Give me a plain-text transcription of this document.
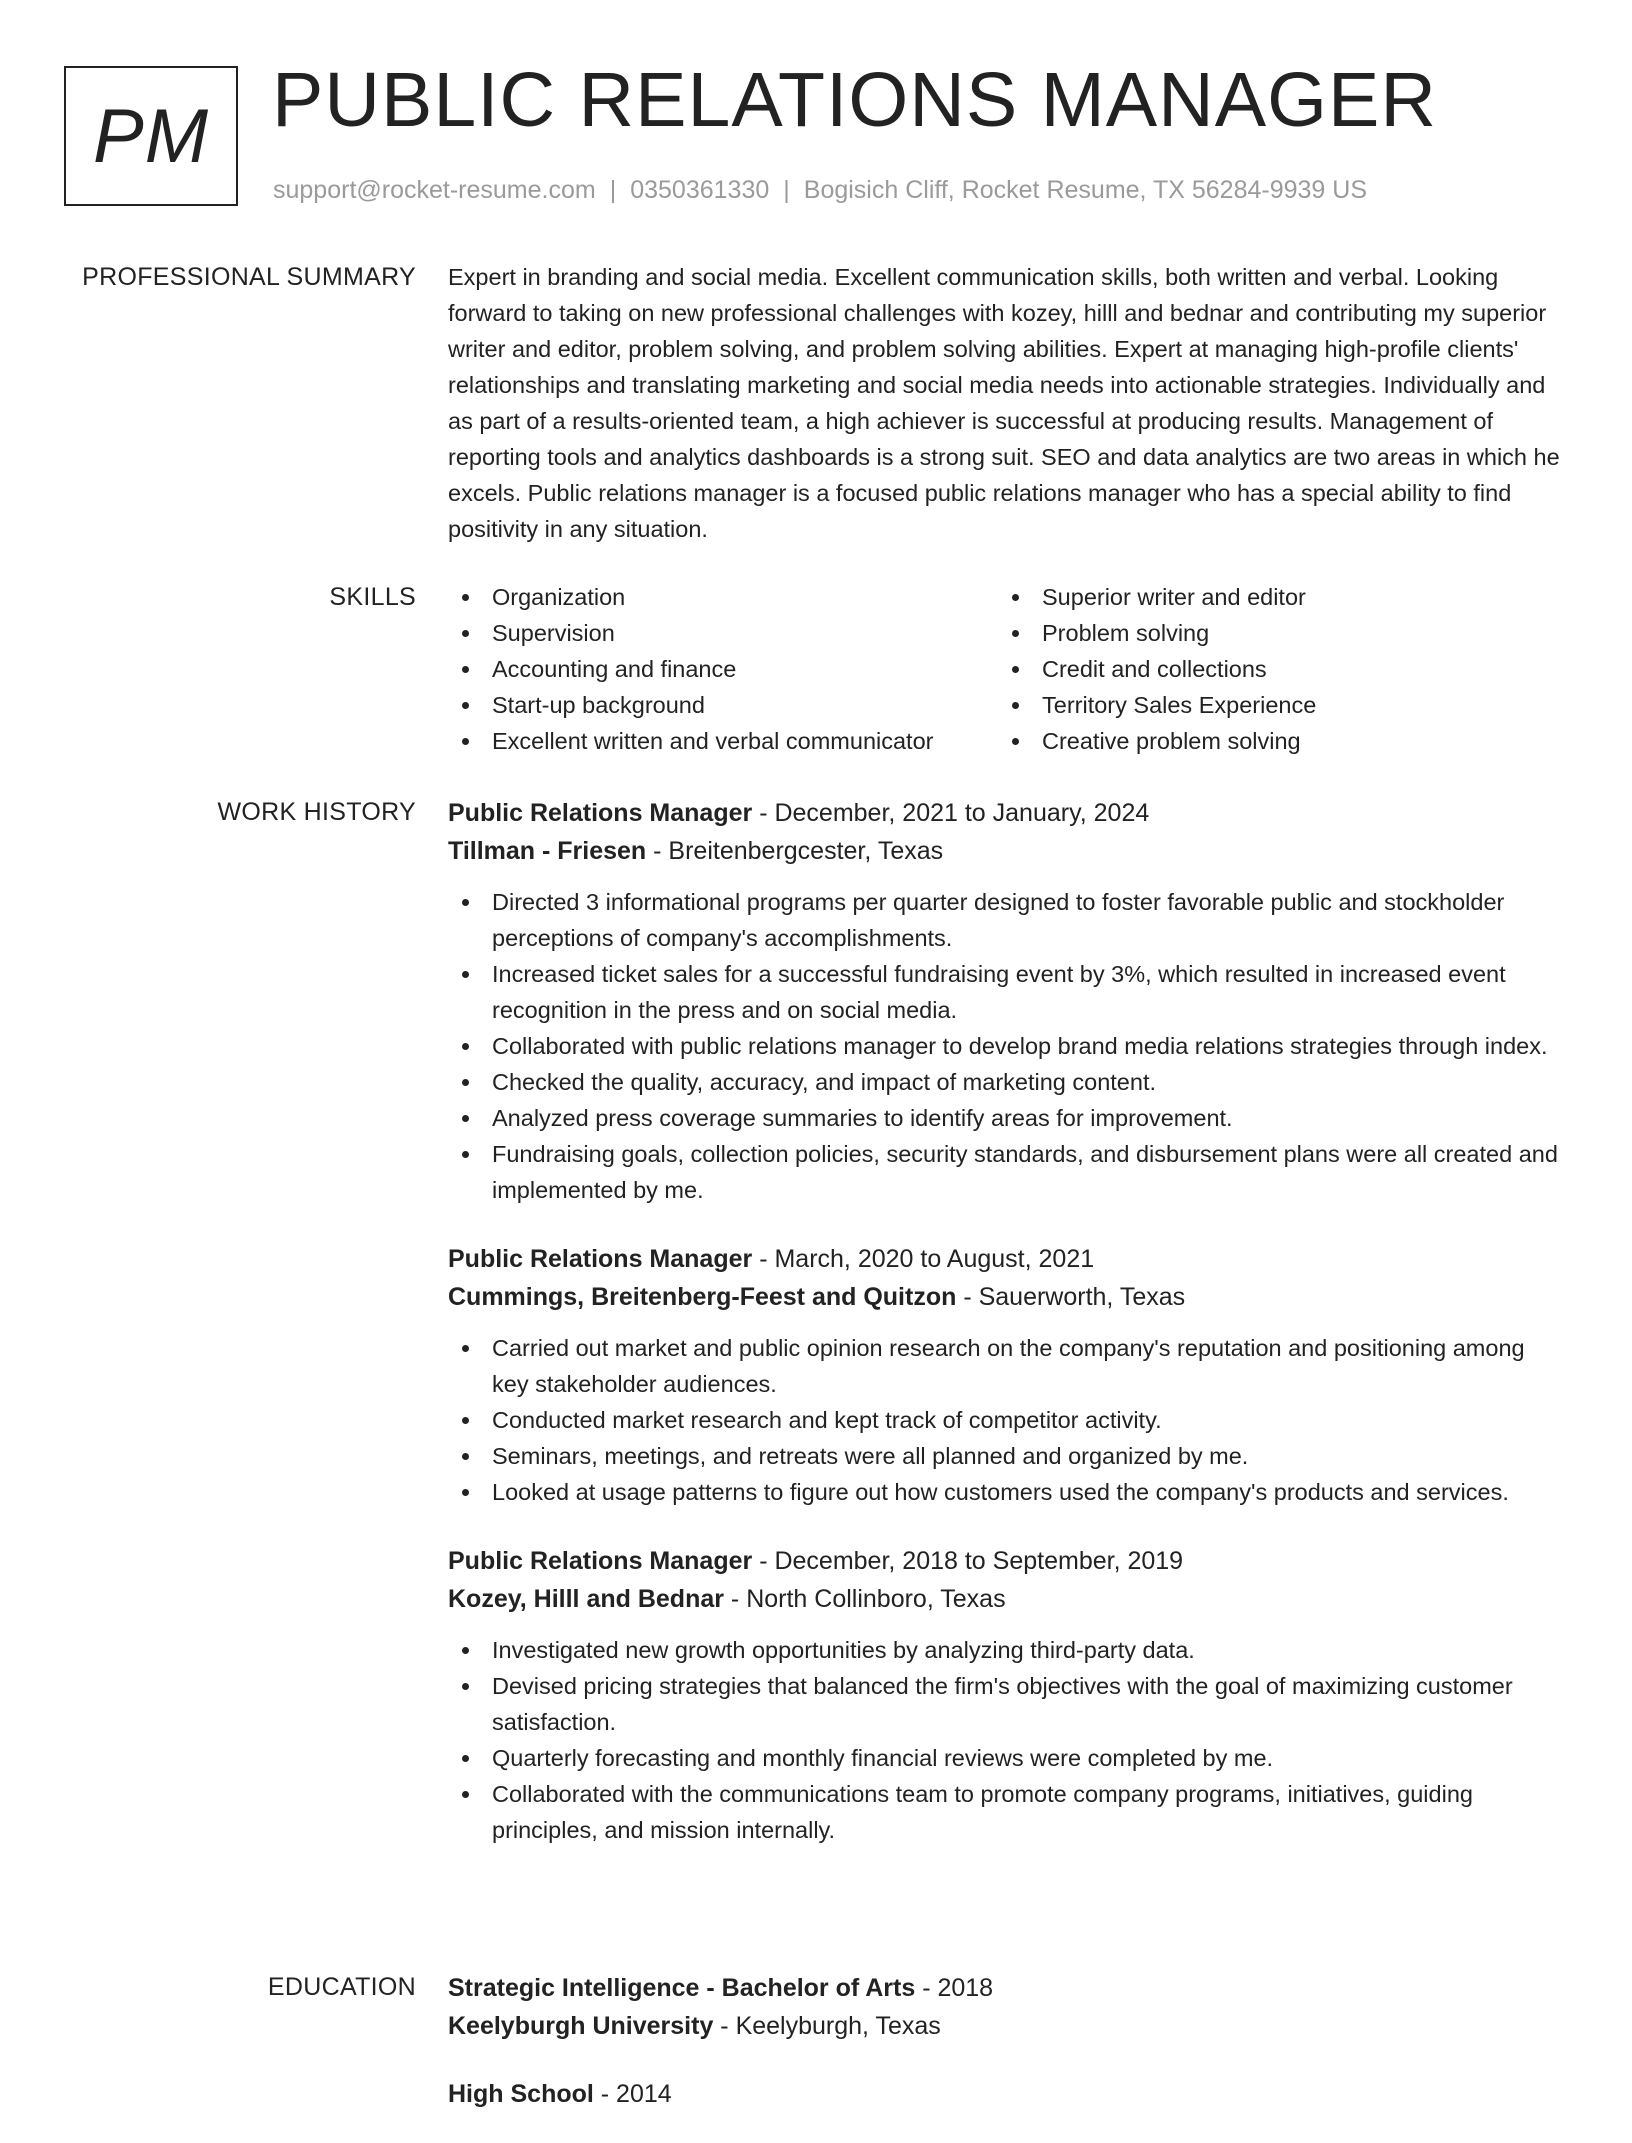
PM PUBLIC RELATIONS MANAGER
support@rocket-resume.com | 0350361330 | Bogisich Cliff, Rocket Resume, TX 56284-9939 US
PROFESSIONAL SUMMARY Expert in branding and social media. Excellent communication skills, both written and verbal. Looking forward to taking on new professional challenges with kozey, hilll and bednar and contributing my superior writer and editor, problem solving, and problem solving abilities. Expert at managing high-profile clients' relationships and translating marketing and social media needs into actionable strategies. Individually and as part of a results-oriented team, a high achiever is successful at producing results. Management of reporting tools and analytics dashboards is a strong suit. SEO and data analytics are two areas in which he excels. Public relations manager is a focused public relations manager who has a special ability to find positivity in any situation.

SKILLS	Organization
Supervision
Accounting and finance
Start-up background
Excellent written and verbal communicator
Superior writer and editor
Problem solving
Credit and collections
Territory Sales Experience
Creative problem solving
WORK HISTORY Public Relations Manager - December, 2021 to January, 2024
Tillman - Friesen - Breitenbergcester, Texas
Directed 3 informational programs per quarter designed to foster favorable public and stockholder perceptions of company's accomplishments.
Increased ticket sales for a successful fundraising event by 3%, which resulted in increased event recognition in the press and on social media.
Collaborated with public relations manager to develop brand media relations strategies through index.
Checked the quality, accuracy, and impact of marketing content.
Analyzed press coverage summaries to identify areas for improvement.
Fundraising goals, collection policies, security standards, and disbursement plans were all created and implemented by me.
Public Relations Manager - March, 2020 to August, 2021
Cummings, Breitenberg-Feest and Quitzon - Sauerworth, Texas
Carried out market and public opinion research on the company's reputation and positioning among key stakeholder audiences.
Conducted market research and kept track of competitor activity.
Seminars, meetings, and retreats were all planned and organized by me.
Looked at usage patterns to figure out how customers used the company's products and services.
Public Relations Manager - December, 2018 to September, 2019
Kozey, Hilll and Bednar - North Collinboro, Texas
Investigated new growth opportunities by analyzing third-party data.
Devised pricing strategies that balanced the firm's objectives with the goal of maximizing customer satisfaction.
Quarterly forecasting and monthly financial reviews were completed by me.
Collaborated with the communications team to promote company programs, initiatives, guiding principles, and mission internally.
EDUCATION Strategic Intelligence - Bachelor of Arts - 2018
Keelyburgh University - Keelyburgh, Texas
High School - 2014
